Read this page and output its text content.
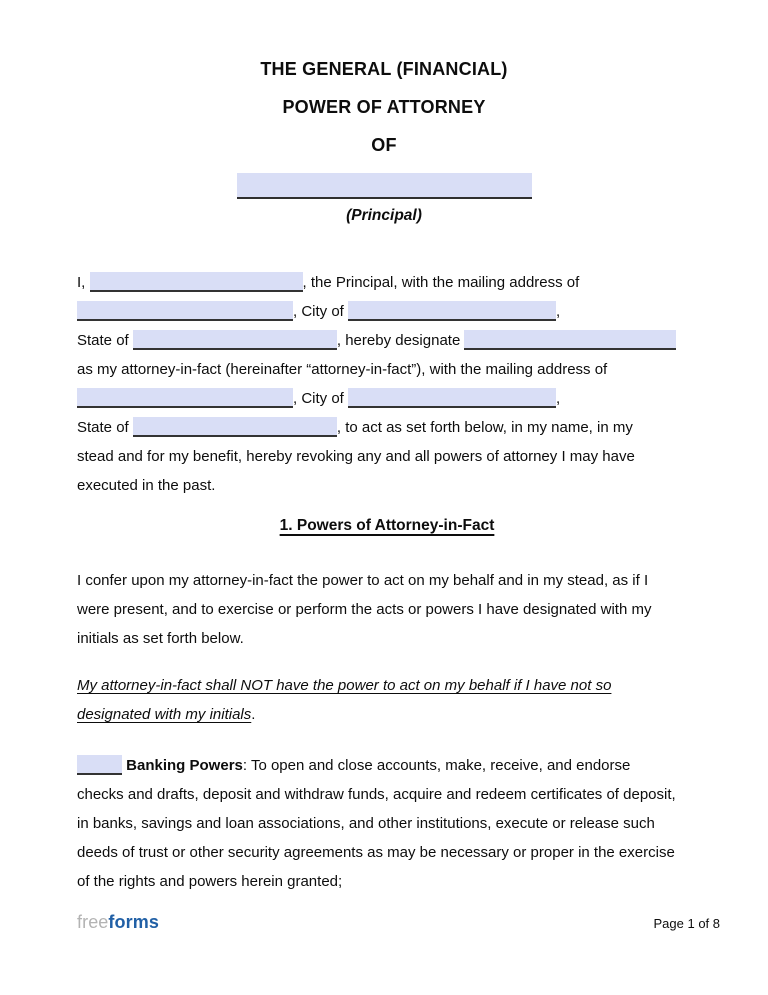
THE GENERAL (FINANCIAL)
POWER OF ATTORNEY
OF
(Principal)
I,	, the Principal, with the mailing address of
, City of	,
State of	, hereby designate
as my attorney-in-fact (hereinafter “attorney-in-fact”), with the mailing address of
, City of	,
State of	, to act as set forth below, in my name, in my
stead and for my benefit, hereby revoking any and all powers of attorney I may have
executed in the past.
1. Powers of Attorney-in-Fact
I confer upon my attorney-in-fact the power to act on my behalf and in my stead, as if I
were present, and to exercise or perform the acts or powers I have designated with my
initials as set forth below.
My attorney-in-fact shall NOT have the power to act on my behalf if I have not so
designated with my initials.
Banking Powers: To open and close accounts, make, receive, and endorse
checks and drafts, deposit and withdraw funds, acquire and redeem certificates of deposit,
in banks, savings and loan associations, and other institutions, execute or release such
deeds of trust or other security agreements as may be necessary or proper in the exercise
of the rights and powers herein granted;
freeforms	Page 1 of 8
